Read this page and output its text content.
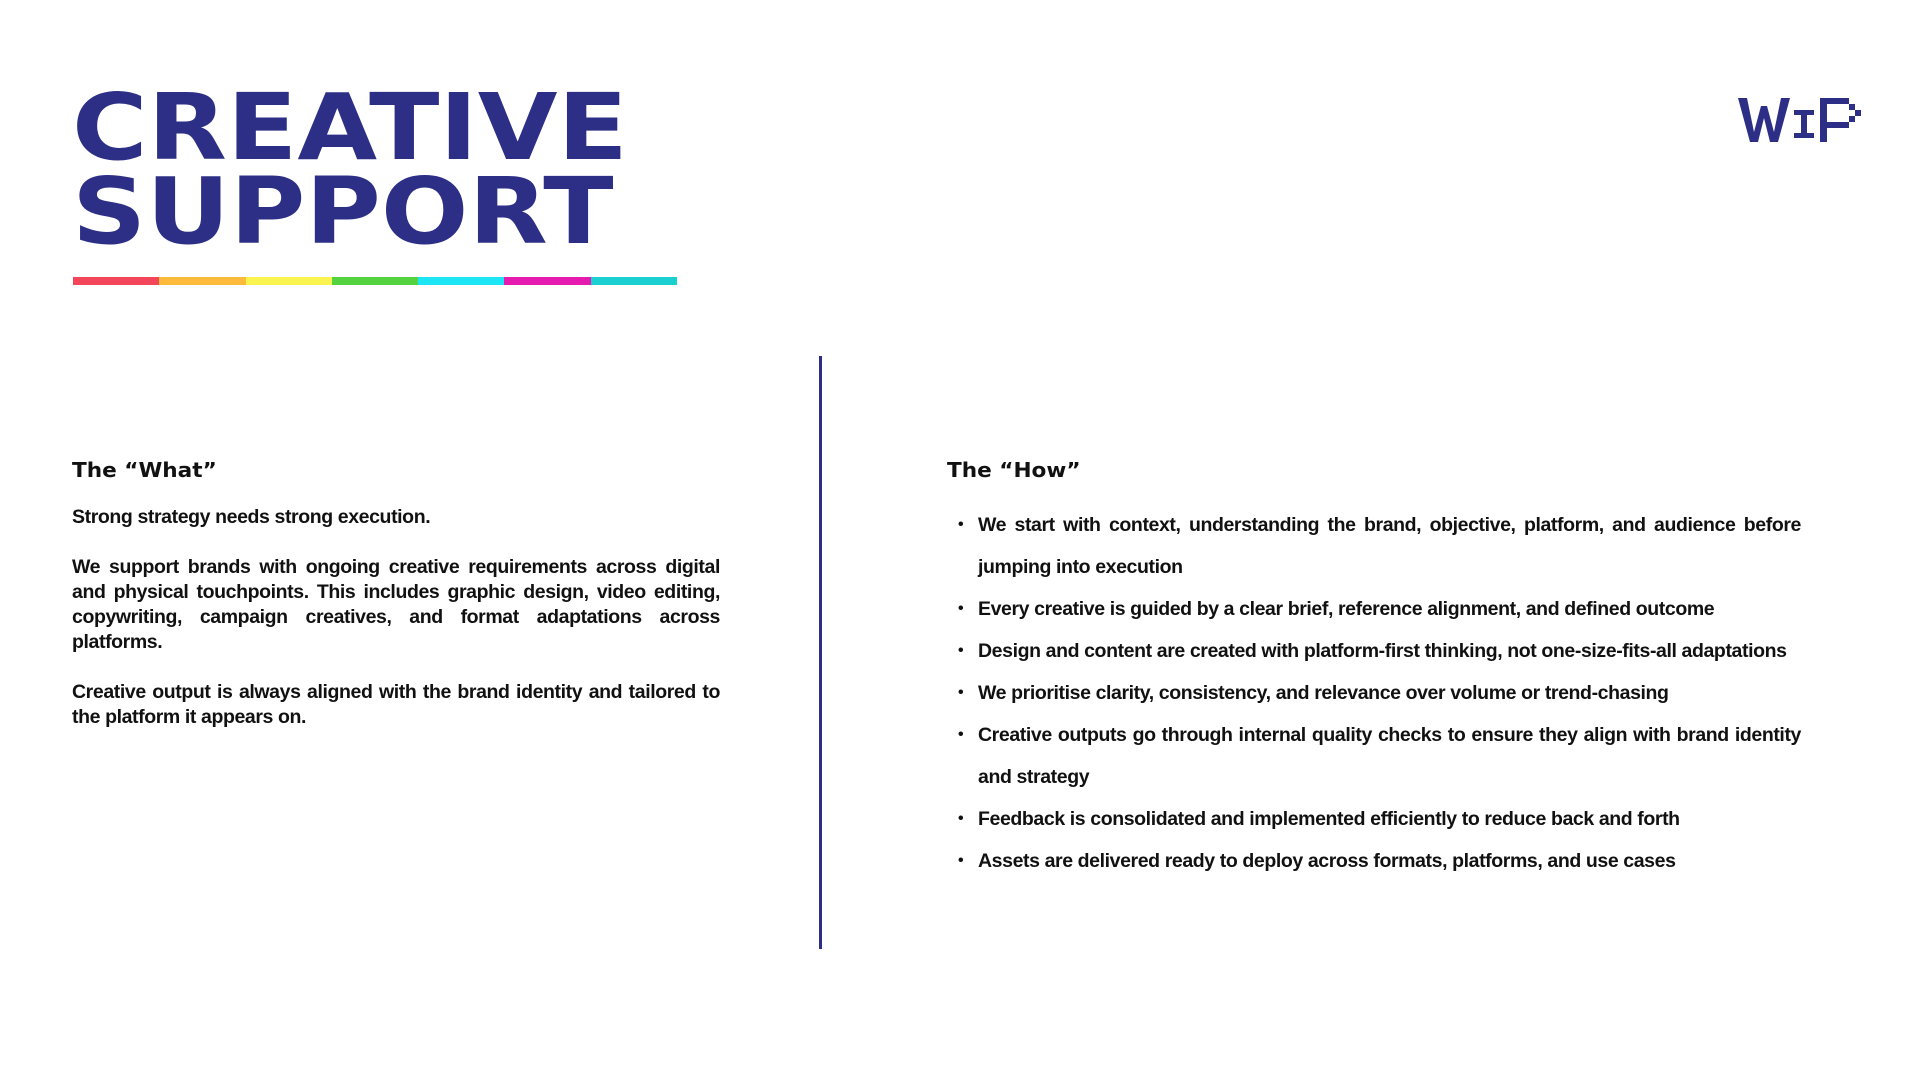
CREATIVE
SUPPORT
The “What”

Strong strategy needs strong execution.

We support brands with ongoing creative requirements across digital and physical touchpoints. This includes graphic design, video editing, copywriting, campaign creatives, and format adaptations across platforms.

Creative output is always aligned with the brand identity and tailored to the platform it appears on.

The “How”
• We start with context, understanding the brand, objective, platform, and audience before jumping into execution
• Every creative is guided by a clear brief, reference alignment, and defined outcome
• Design and content are created with platform-first thinking, not one-size-fits-all adaptations
• We prioritise clarity, consistency, and relevance over volume or trend-chasing
• Creative outputs go through internal quality checks to ensure they align with brand identity and strategy
• Feedback is consolidated and implemented efficiently to reduce back and forth
• Assets are delivered ready to deploy across formats, platforms, and use cases
